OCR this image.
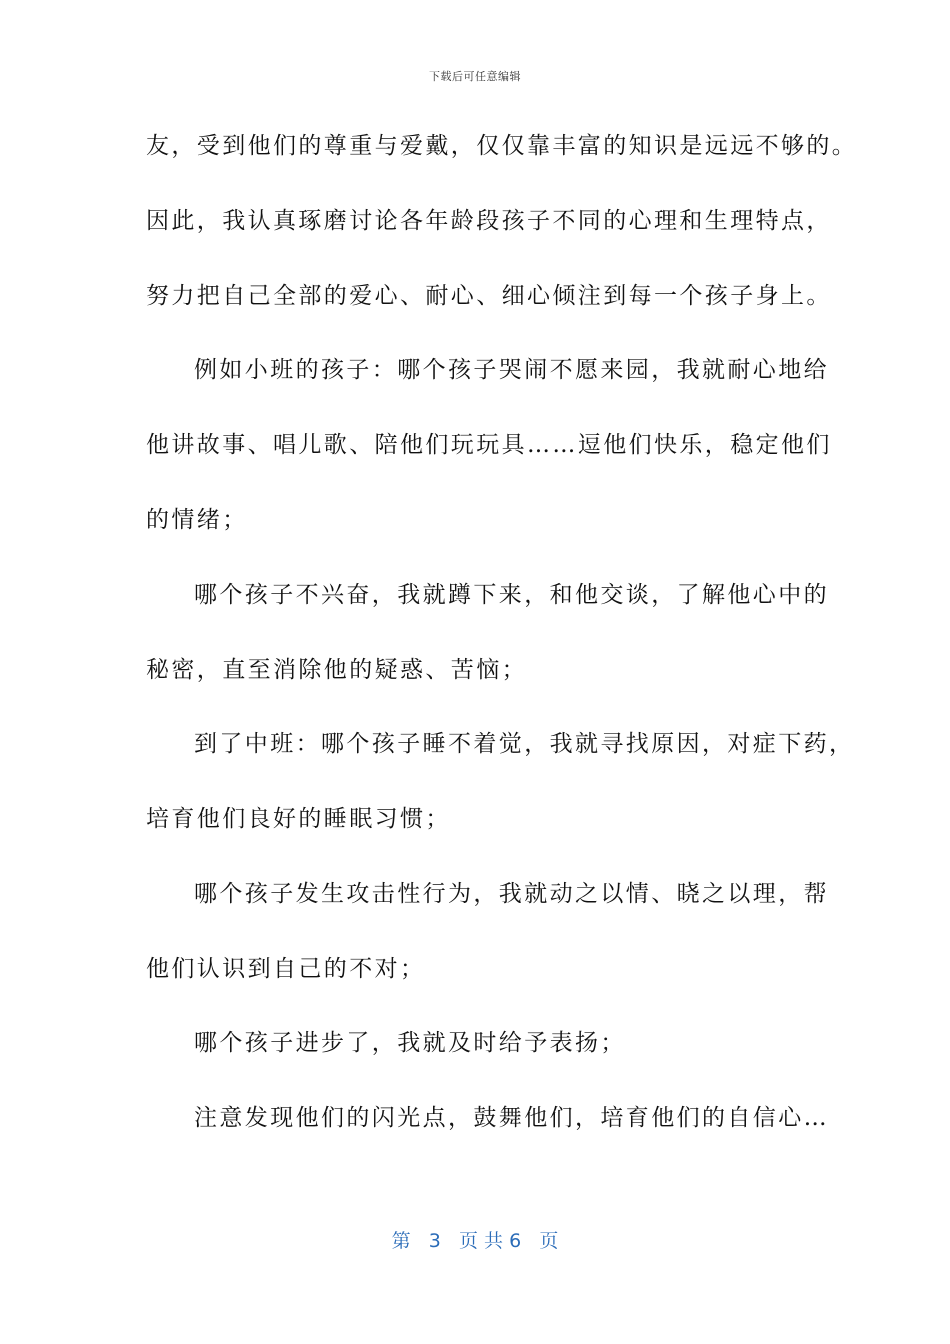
下载后可任意编辑
友，受到他们的尊重与爱戴，仅仅靠丰富的知识是远远不够的。
因此，我认真琢磨讨论各年龄段孩子不同的心理和生理特点，
努力把自己全部的爱心、耐心、细心倾注到每一个孩子身上。
例如小班的孩子：哪个孩子哭闹不愿来园，我就耐心地给
他讲故事、唱儿歌、陪他们玩玩具……逗他们快乐，稳定他们
的情绪；
哪个孩子不兴奋，我就蹲下来，和他交谈，了解他心中的
秘密，直至消除他的疑惑、苦恼；
到了中班：哪个孩子睡不着觉，我就寻找原因，对症下药，
培育他们良好的睡眠习惯；
哪个孩子发生攻击性行为，我就动之以情、晓之以理，帮
他们认识到自己的不对；
哪个孩子进步了，我就及时给予表扬；
注意发现他们的闪光点，鼓舞他们，培育他们的自信心…
第 3 页 共 6 页
